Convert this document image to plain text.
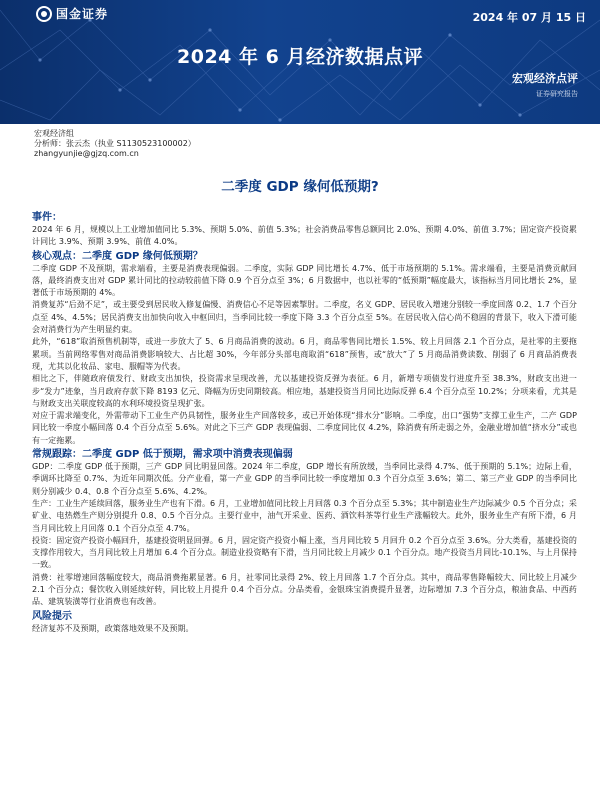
国金证券	2024 年 07 月 15 日
2024 年 6 月经济数据点评
宏观经济点评
证券研究报告
宏观经济组
分析师：张云杰（执业 S1130523100002）
zhangyunjie@gjzq.com.cn
二季度 GDP 缘何低预期?
事件：

2024 年 6 月，规模以上工业增加值同比 5.3%、预期 5.0%、前值 5.3%；社会消费品零售总额同比 2.0%、预期 4.0%、前值 3.7%；固定资产投资累计同比 3.9%、预期 3.9%、前值 4.0%。

核心观点：二季度 GDP 缘何低预期？

二季度 GDP 不及预期，需求端看，主要是消费表现偏弱。二季度，实际 GDP 同比增长 4.7%、低于市场预期的 5.1%。需求端看，主要是消费贡献回落，最终消费支出对 GDP 累计同比的拉动较前值下降 0.9 个百分点至 3%；6 月数据中，也以社零的“低预期”幅度最大，该指标当月同比增长 2%，显著低于市场预期的 4%。

消费复苏“后劲不足”，或主要受到居民收入修复偏慢、消费信心不足等因素掣肘。二季度，名义 GDP、居民收入增速分别较一季度回落 0.2、1.7 个百分点至 4%、4.5%；居民消费支出加快向收入中枢回归，当季同比较一季度下降 3.3 个百分点至 5%。在居民收入信心尚不稳固的背景下，收入下滑可能会对消费行为产生明显约束。

此外，“618”取消预售机制等，或进一步放大了 5、6 月商品消费的波动。6 月，商品零售同比增长 1.5%、较上月回落 2.1 个百分点，是社零的主要拖累项。当前网络零售对商品消费影响较大、占比超 30%，今年部分头部电商取消“618”预售，或“放大”了 5 月商品消费读数、削弱了 6 月商品消费表现，尤其以化妆品、家电、服帽等为代表。

相比之下，伴随政府债发行、财政支出加快，投资需求呈现改善，尤以基建投资反弹为表征。6 月，新增专项债发行进度升至 38.3%，财政支出进一步“发力”迹象，当月政府存款下降 8193 亿元、降幅为历史同期较高。相应地，基建投资当月同比边际反弹 6.4 个百分点至 10.2%；分项来看，尤其是与财政支出关联度较高的水利环境投资呈现扩张。

对应于需求端变化，外需带动下工业生产仍具韧性，服务业生产回落较多，或已开始体现“排水分”影响。二季度，出口“强势”支撑工业生产，二产 GDP 同比较一季度小幅回落 0.4 个百分点至 5.6%。对此之下三产 GDP 表现偏弱、二季度同比仅 4.2%，除消费有所走弱之外，金融业增加值“挤水分”或也有一定拖累。

常规跟踪：二季度 GDP 低于预期，需求项中消费表现偏弱

GDP：二季度 GDP 低于预期，三产 GDP 同比明显回落。2024 年二季度，GDP 增长有所放缓，当季同比录得 4.7%、低于预期的 5.1%；边际上看，季调环比降至 0.7%、为近年同期次低。分产业看，第一产业 GDP 的当季同比较一季度增加 0.3 个百分点至 3.6%；第二、第三产业 GDP 的当季同比则分别减少 0.4、0.8 个百分点至 5.6%、4.2%。

生产：工业生产延续回落，服务业生产也有下滑。6 月，工业增加值同比较上月回落 0.3 个百分点至 5.3%；其中制造业生产边际减少 0.5 个百分点；采矿业、电热燃生产则分别提升 0.8、0.5 个百分点。主要行业中，油气开采业、医药、酒饮料茶等行业生产涨幅较大。此外，服务业生产有所下滑，6 月当月同比较上月回落 0.1 个百分点至 4.7%。

投资：固定资产投资小幅回升，基建投资明显回弹。6 月，固定资产投资小幅上涨，当月同比较 5 月回升 0.2 个百分点至 3.6%。分大类看，基建投资的支撑作用较大，当月同比较上月增加 6.4 个百分点。制造业投资略有下滑，当月同比较上月减少 0.1 个百分点。地产投资当月同比-10.1%、与上月保持一致。

消费：社零增速回落幅度较大，商品消费拖累显著。6 月，社零同比录得 2%、较上月回落 1.7 个百分点。其中，商品零售降幅较大、同比较上月减少 2.1 个百分点；餐饮收入则延续好转，同比较上月提升 0.4 个百分点。分品类看，金银珠宝消费提升显著，边际增加 7.3 个百分点，粮油食品、中西药品、建筑装潢等行业消费也有改善。

风险提示

经济复苏不及预期，政策落地效果不及预期。
